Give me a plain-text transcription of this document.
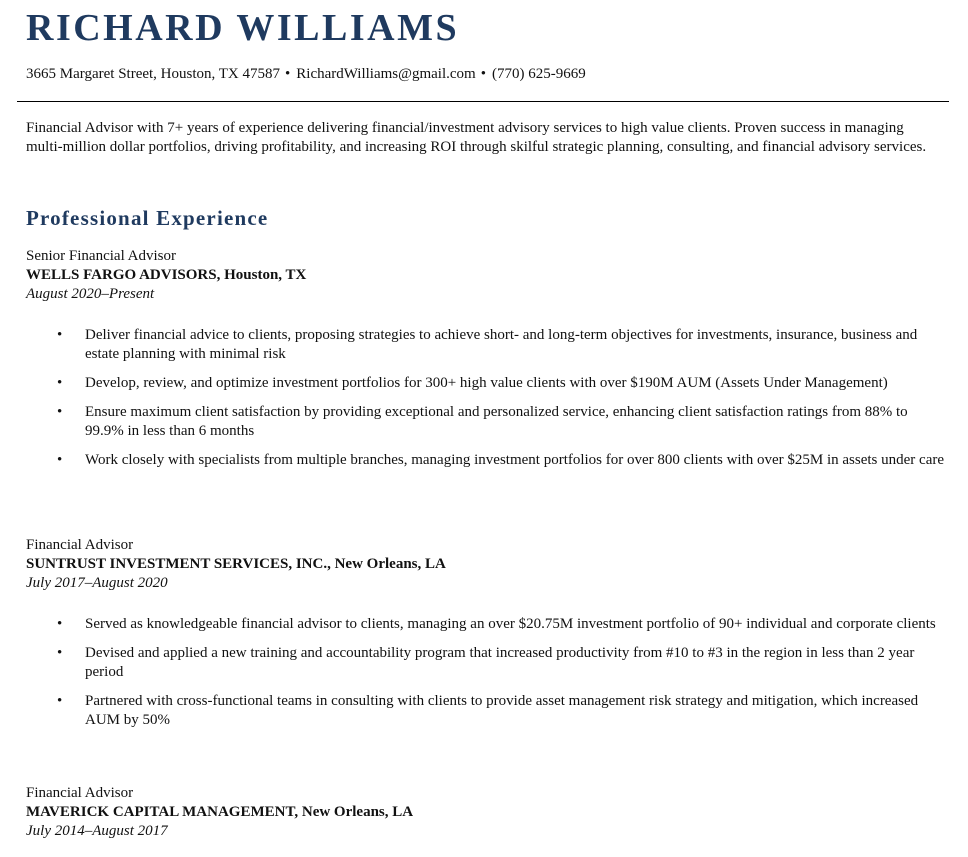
RICHARD WILLIAMS
3665 Margaret Street, Houston, TX 47587 • RichardWilliams@gmail.com • (770) 625-9669

Financial Advisor with 7+ years of experience delivering financial/investment advisory services to high value clients. Proven success in managing multi-million dollar portfolios, driving profitability, and increasing ROI through skilful strategic planning, consulting, and financial advisory services.

Professional Experience
Senior Financial Advisor
WELLS FARGO ADVISORS, Houston, TX
August 2020–Present
• Deliver financial advice to clients, proposing strategies to achieve short- and long-term objectives for investments, insurance, business and estate planning with minimal risk
• Develop, review, and optimize investment portfolios for 300+ high value clients with over $190M AUM (Assets Under Management)
• Ensure maximum client satisfaction by providing exceptional and personalized service, enhancing client satisfaction ratings from 88% to 99.9% in less than 6 months
• Work closely with specialists from multiple branches, managing investment portfolios for over 800 clients with over $25M in assets under care
Financial Advisor
SUNTRUST INVESTMENT SERVICES, INC., New Orleans, LA
July 2017–August 2020
• Served as knowledgeable financial advisor to clients, managing an over $20.75M investment portfolio of 90+ individual and corporate clients
• Devised and applied a new training and accountability program that increased productivity from #10 to #3 in the region in less than 2 year period
• Partnered with cross-functional teams in consulting with clients to provide asset management risk strategy and mitigation, which increased AUM by 50%
Financial Advisor
MAVERICK CAPITAL MANAGEMENT, New Orleans, LA
July 2014–August 2017
